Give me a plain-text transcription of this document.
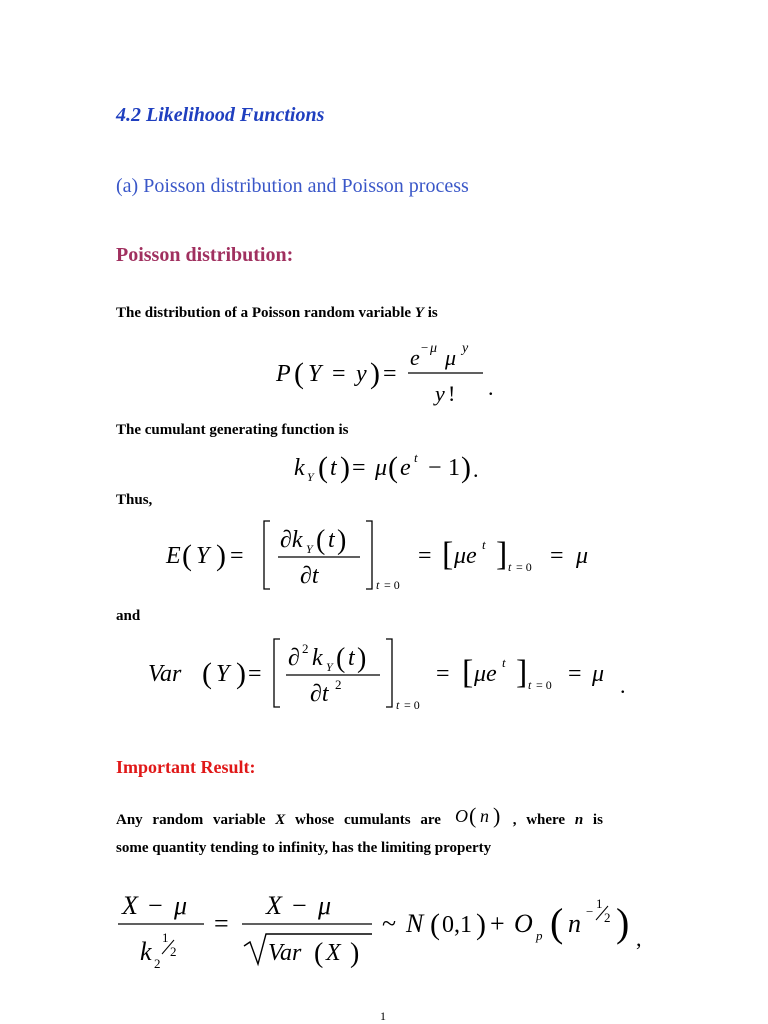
4.2 Likelihood Functions
(a) Poisson distribution and Poisson process
Poisson distribution:
The distribution of a Poisson random variable Y is
P ( Y = y ) =
e − μ μ y
y ! .
The cumulant generating function is
k Y ( t ) = μ ( e t − 1 ) .
Thus,
E ( Y ) =
∂k Y ( t )
∂t	t = 0
= [ μe t ] t = 0 = μ
and
Var ( Y ) =
∂ 2 k Y ( t )
∂t 2
t = 0
= [ μe t ] t = 0 = μ .
Important Result:
Any random variable X whose cumulants are O ( n ) , where n is
some quantity tending to infinity, has the limiting property
X − μ
k 2
1
2
=
X − μ
Var ( X )
~ N ( 0,1 ) + O p ( n −
1
2 ) ,
1
